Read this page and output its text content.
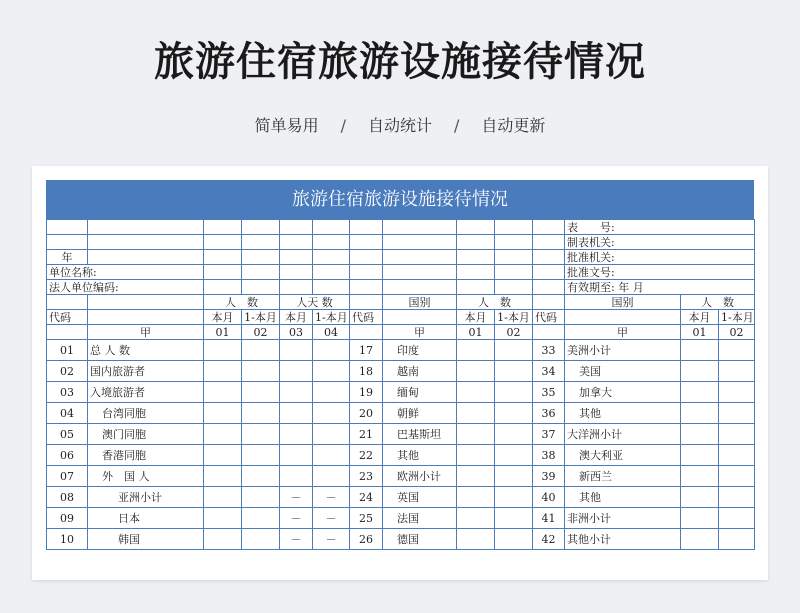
旅游住宿旅游设施接待情况
简单易用 / 自动统计 / 自动更新
旅游住宿旅游设施接待情况
											表　　号:		
											制表机关:		
年											批准机关:		
单位名称:											批准文号:		
法人单位编码:											有效期至: 年 月		
		人　数		人天 数			国别	人　数			国别	人　数	
代码		本月	1-本月	本月	1-本月	代码		本月	1-本月	代码		本月	1-本月
	甲	01	02	03	04		甲	01	02		甲	01	02
01	总 人 数					17	印度			33	美洲小计		
02	国内旅游者					18	越南			34	美国		
03	入境旅游者					19	缅甸			35	加拿大		
04	台湾同胞					20	朝鲜			36	其他		
05	澳门同胞					21	巴基斯坦			37	大洋洲小计		
06	香港同胞					22	其他			38	澳大利亚		
07	外　国 人					23	欧洲小计			39	新西兰		
08	亚洲小计			－	－	24	英国			40	其他		
09	日本			－	－	25	法国			41	非洲小计		
10	韩国			－	－	26	德国			42	其他小计		
